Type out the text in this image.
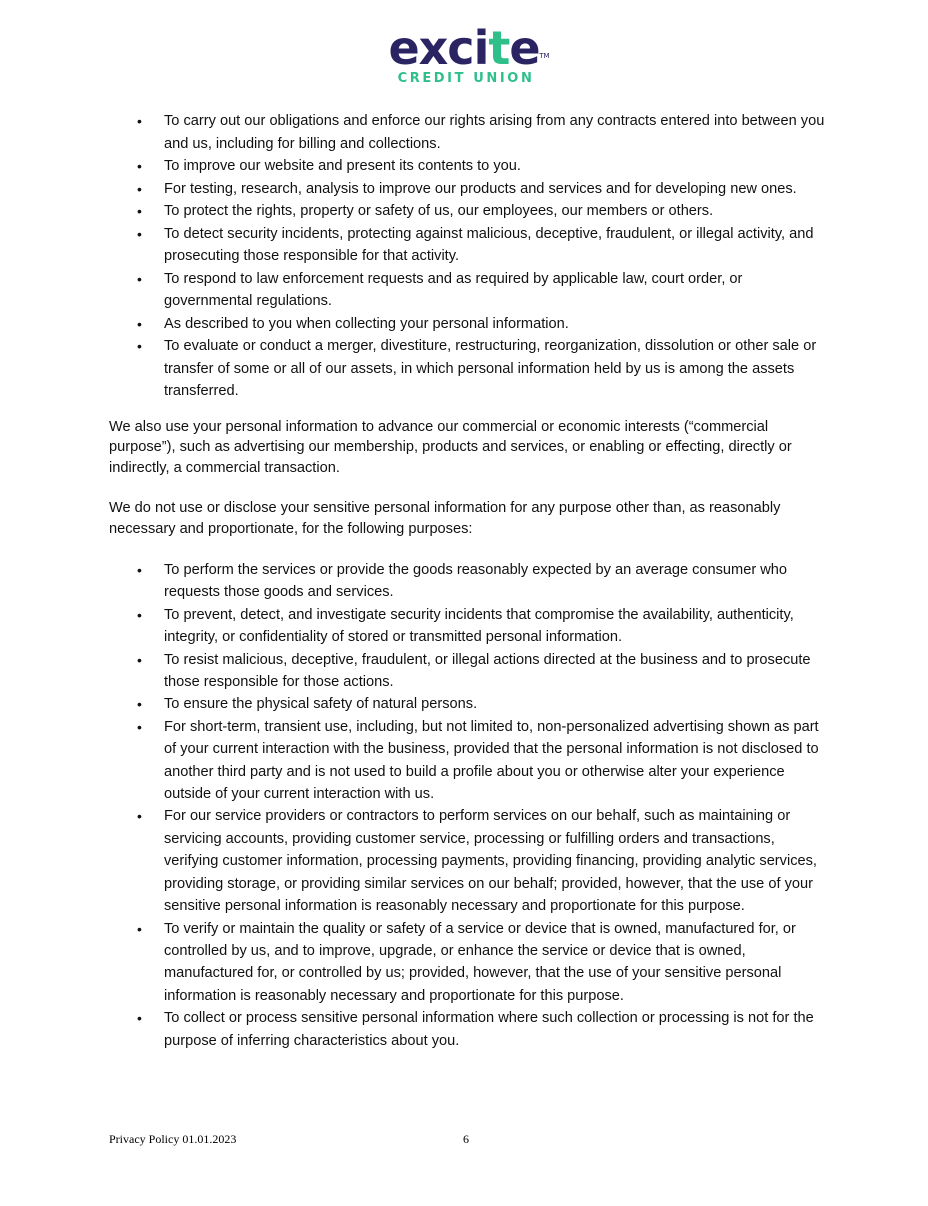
excite TM
CREDIT UNION
• To carry out our obligations and enforce our rights arising from any contracts entered into between you and us, including for billing and collections.
• To improve our website and present its contents to you.
• For testing, research, analysis to improve our products and services and for developing new ones.
• To protect the rights, property or safety of us, our employees, our members or others.
• To detect security incidents, protecting against malicious, deceptive, fraudulent, or illegal activity, and prosecuting those responsible for that activity.
• To respond to law enforcement requests and as required by applicable law, court order, or governmental regulations.
• As described to you when collecting your personal information.
• To evaluate or conduct a merger, divestiture, restructuring, reorganization, dissolution or other sale or transfer of some or all of our assets, in which personal information held by us is among the assets transferred.

We also use your personal information to advance our commercial or economic interests (“commercial purpose”), such as advertising our membership, products and services, or enabling or effecting, directly or indirectly, a commercial transaction.

We do not use or disclose your sensitive personal information for any purpose other than, as reasonably necessary and proportionate, for the following purposes:

• To perform the services or provide the goods reasonably expected by an average consumer who requests those goods and services.
• To prevent, detect, and investigate security incidents that compromise the availability, authenticity, integrity, or confidentiality of stored or transmitted personal information.
• To resist malicious, deceptive, fraudulent, or illegal actions directed at the business and to prosecute those responsible for those actions.
• To ensure the physical safety of natural persons.
• For short-term, transient use, including, but not limited to, non-personalized advertising shown as part of your current interaction with the business, provided that the personal information is not disclosed to another third party and is not used to build a profile about you or otherwise alter your experience outside of your current interaction with us.
• For our service providers or contractors to perform services on our behalf, such as maintaining or servicing accounts, providing customer service, processing or fulfilling orders and transactions, verifying customer information, processing payments, providing financing, providing analytic services, providing storage, or providing similar services on our behalf; provided, however, that the use of your sensitive personal information is reasonably necessary and proportionate for this purpose.
• To verify or maintain the quality or safety of a service or device that is owned, manufactured for, or controlled by us, and to improve, upgrade, or enhance the service or device that is owned, manufactured for, or controlled by us; provided, however, that the use of your sensitive personal information is reasonably necessary and proportionate for this purpose.
• To collect or process sensitive personal information where such collection or processing is not for the purpose of inferring characteristics about you.
Privacy Policy 01.01.2023	6
